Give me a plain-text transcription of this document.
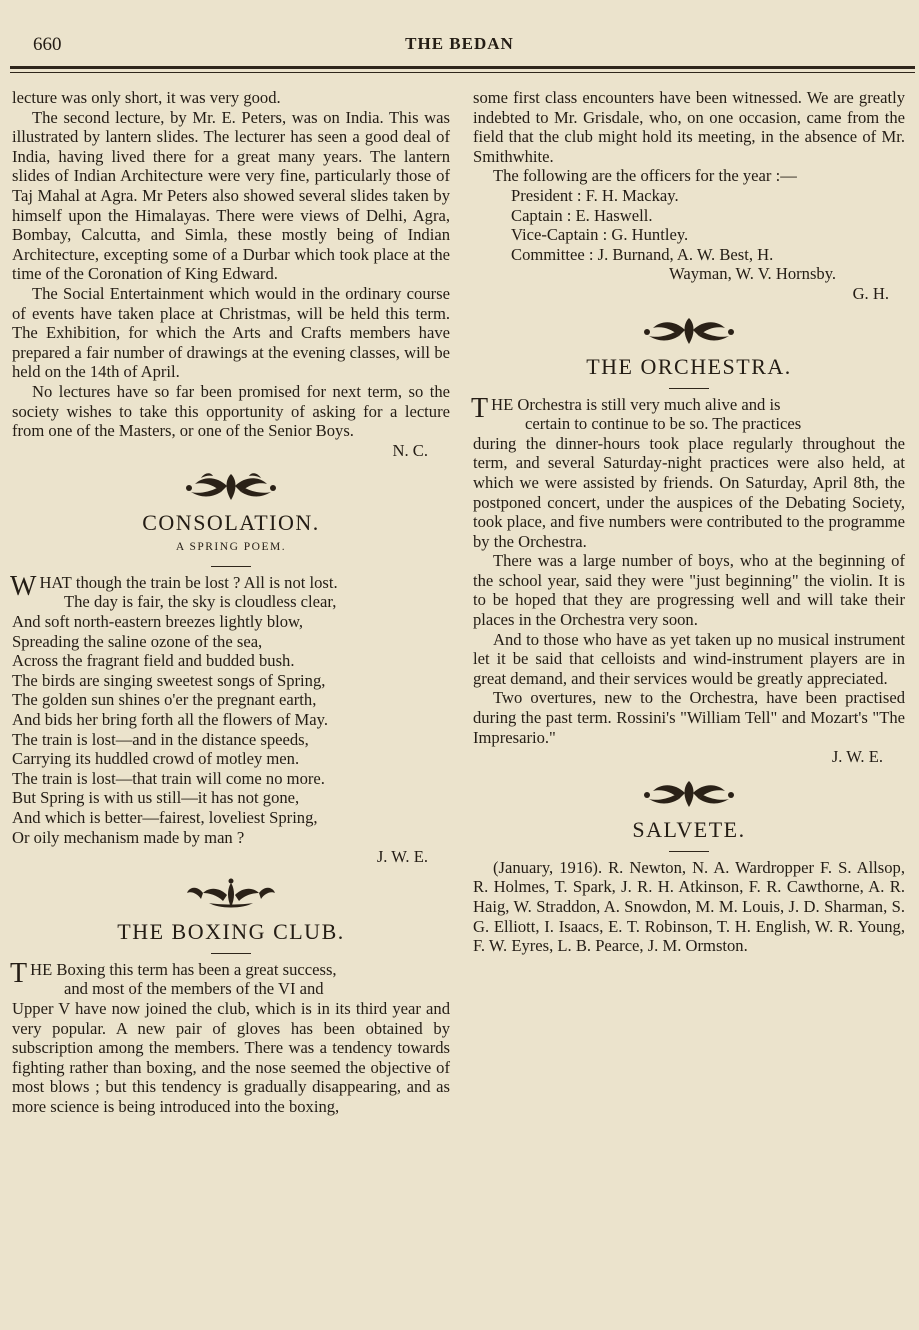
660	THE BEDAN

lecture was only short, it was very good.

The second lecture, by Mr. E. Peters, was on India. This was illustrated by lantern slides. The lecturer has seen a good deal of India, having lived there for a great many years. The lantern slides of Indian Architecture were very fine, particularly those of Taj Mahal at Agra. Mr Peters also showed several slides taken by himself upon the Himalayas. There were views of Delhi, Agra, Bombay, Calcutta, and Simla, these mostly being of Indian Architecture, excepting some of a Durbar which took place at the time of the Coronation of King Edward.

The Social Entertainment which would in the ordinary course of events have taken place at Christmas, will be held this term. The Exhibition, for which the Arts and Crafts members have prepared a fair number of drawings at the evening classes, will be held on the 14th of April.

No lectures have so far been promised for next term, so the society wishes to take this opportunity of asking for a lecture from one of the Masters, or one of the Senior Boys.

N. C.
CONSOLATION.
A SPRING POEM.
WHAT though the train be lost ? All is not lost.
The day is fair, the sky is cloudless clear,
And soft north-eastern breezes lightly blow,
Spreading the saline ozone of the sea,
Across the fragrant field and budded bush.
The birds are singing sweetest songs of Spring,
The golden sun shines o'er the pregnant earth,
And bids her bring forth all the flowers of May.
The train is lost—and in the distance speeds,
Carrying its huddled crowd of motley men.
The train is lost—that train will come no more.
But Spring is with us still—it has not gone,
And which is better—fairest, loveliest Spring,
Or oily mechanism made by man ?
J. W. E.
THE BOXING CLUB.

THE Boxing this term has been a great success,
and most of the members of the VI and
Upper V have now joined the club, which is in its third year and very popular. A new pair of gloves has been obtained by subscription among the members. There was a tendency towards fighting rather than boxing, and the nose seemed the objective of most blows ; but this tendency is gradually disappearing, and as more science is being introduced into the boxing,

some first class encounters have been witnessed. We are greatly indebted to Mr. Grisdale, who, on one occasion, came from the field that the club might hold its meeting, in the absence of Mr. Smithwhite.

The following are the officers for the year :—
President : F. H. Mackay.
Captain : E. Haswell.
Vice-Captain : G. Huntley.
Committee : J. Burnand, A. W. Best, H.
Wayman, W. V. Hornsby.
G. H.
THE ORCHESTRA.

THE Orchestra is still very much alive and is
certain to continue to be so. The practices
during the dinner-hours took place regularly throughout the term, and several Saturday-night practices were also held, at which we were assisted by friends. On Saturday, April 8th, the postponed concert, under the auspices of the Debating Society, took place, and five numbers were contributed to the programme by the Orchestra.

There was a large number of boys, who at the beginning of the school year, said they were "just beginning" the violin. It is to be hoped that they are progressing well and will take their places in the Orchestra very soon.

And to those who have as yet taken up no musical instrument let it be said that celloists and wind-instrument players are in great demand, and their services would be greatly appreciated.

Two overtures, new to the Orchestra, have been practised during the past term. Rossini's "William Tell" and Mozart's "The Impresario."

J. W. E.
SALVETE.

(January, 1916). R. Newton, N. A. Wardropper F. S. Allsop, R. Holmes, T. Spark, J. R. H. Atkinson, F. R. Cawthorne, A. R. Haig, W. Straddon, A. Snowdon, M. M. Louis, J. D. Sharman, S. G. Elliott, I. Isaacs, E. T. Robinson, T. H. English, W. R. Young, F. W. Eyres, L. B. Pearce, J. M. Ormston.
